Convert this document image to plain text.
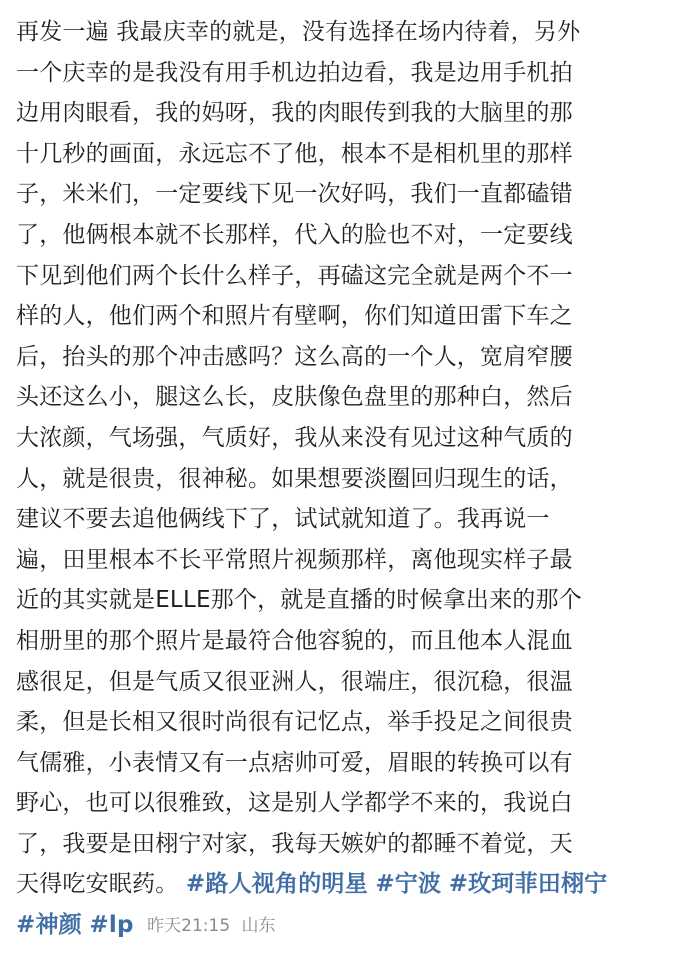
再发一遍 我最庆幸的就是，没有选择在场内待着，另外
一个庆幸的是我没有用手机边拍边看，我是边用手机拍
边用肉眼看，我的妈呀，我的肉眼传到我的大脑里的那
十几秒的画面，永远忘不了他，根本不是相机里的那样
子，米米们，一定要线下见一次好吗，我们一直都磕错
了，他俩根本就不长那样，代入的脸也不对，一定要线
下见到他们两个长什么样子，再磕这完全就是两个不一
样的人，他们两个和照片有壁啊，你们知道田雷下车之
后，抬头的那个冲击感吗？这么高的一个人，宽肩窄腰
头还这么小，腿这么长，皮肤像色盘里的那种白，然后
大浓颜，气场强，气质好，我从来没有见过这种气质的
人，就是很贵，很神秘。如果想要淡圈回归现生的话，
建议不要去追他俩线下了，试试就知道了。我再说一
遍，田里根本不长平常照片视频那样，离他现实样子最
近的其实就是ELLE那个，就是直播的时候拿出来的那个
相册里的那个照片是最符合他容貌的，而且他本人混血
感很足，但是气质又很亚洲人，很端庄，很沉稳，很温
柔，但是长相又很时尚很有记忆点，举手投足之间很贵
气儒雅，小表情又有一点痞帅可爱，眉眼的转换可以有
野心，也可以很雅致，这是别人学都学不来的，我说白
了，我要是田栩宁对家，我每天嫉妒的都睡不着觉，天
天得吃安眠药。 #路人视角的明星 #宁波 #玫珂菲田栩宁
#神颜 #lp 昨天21:15 山东
